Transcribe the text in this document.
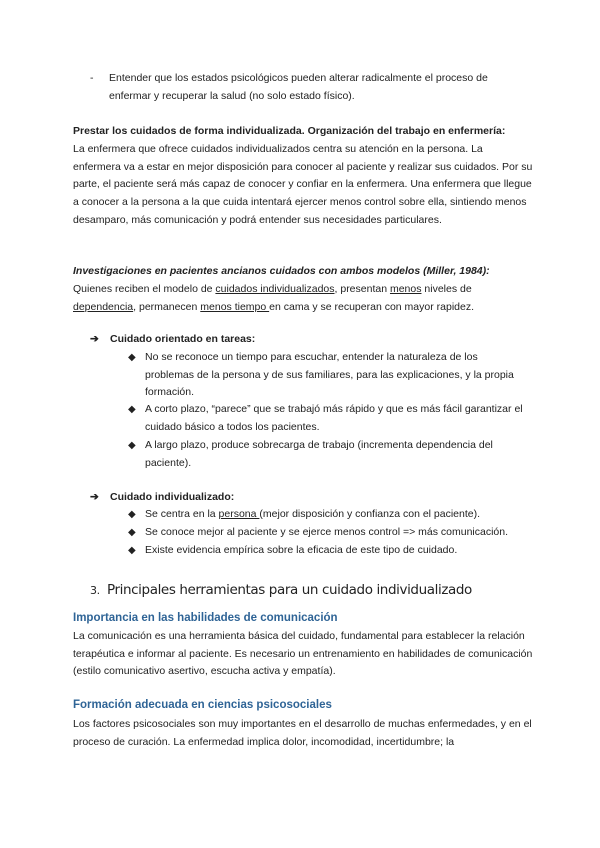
- Entender que los estados psicológicos pueden alterar radicalmente el proceso de enfermar y recuperar la salud (no solo estado físico).

Prestar los cuidados de forma individualizada. Organización del trabajo en enfermería:

La enfermera que ofrece cuidados individualizados centra su atención en la persona. La enfermera va a estar en mejor disposición para conocer al paciente y realizar sus cuidados. Por su parte, el paciente será más capaz de conocer y confiar en la enfermera. Una enfermera que llegue a conocer a la persona a la que cuida intentará ejercer menos control sobre ella, sintiendo menos desamparo, más comunicación y podrá entender sus necesidades particulares.

Investigaciones en pacientes ancianos cuidados con ambos modelos (Miller, 1984):

Quienes reciben el modelo de cuidados individualizados, presentan menos niveles de
dependencia, permanecen menos tiempo en cama y se recuperan con mayor rapidez.

➔ Cuidado orientado en tareas:
◆ No se reconoce un tiempo para escuchar, entender la naturaleza de los problemas de la persona y de sus familiares, para las explicaciones, y la propia formación.
◆ A corto plazo, “parece” que se trabajó más rápido y que es más fácil garantizar el cuidado básico a todos los pacientes.
◆ A largo plazo, produce sobrecarga de trabajo (incrementa dependencia del paciente).
➔ Cuidado individualizado:
◆ Se centra en la persona (mejor disposición y confianza con el paciente).
◆ Se conoce mejor al paciente y se ejerce menos control => más comunicación.
◆ Existe evidencia empírica sobre la eficacia de este tipo de cuidado.
3. Principales herramientas para un cuidado individualizado
Importancia en las habilidades de comunicación

La comunicación es una herramienta básica del cuidado, fundamental para establecer la relación terapéutica e informar al paciente. Es necesario un entrenamiento en habilidades de comunicación (estilo comunicativo asertivo, escucha activa y empatía).

Formación adecuada en ciencias psicosociales

Los factores psicosociales son muy importantes en el desarrollo de muchas enfermedades, y en el proceso de curación. La enfermedad implica dolor, incomodidad, incertidumbre; la
